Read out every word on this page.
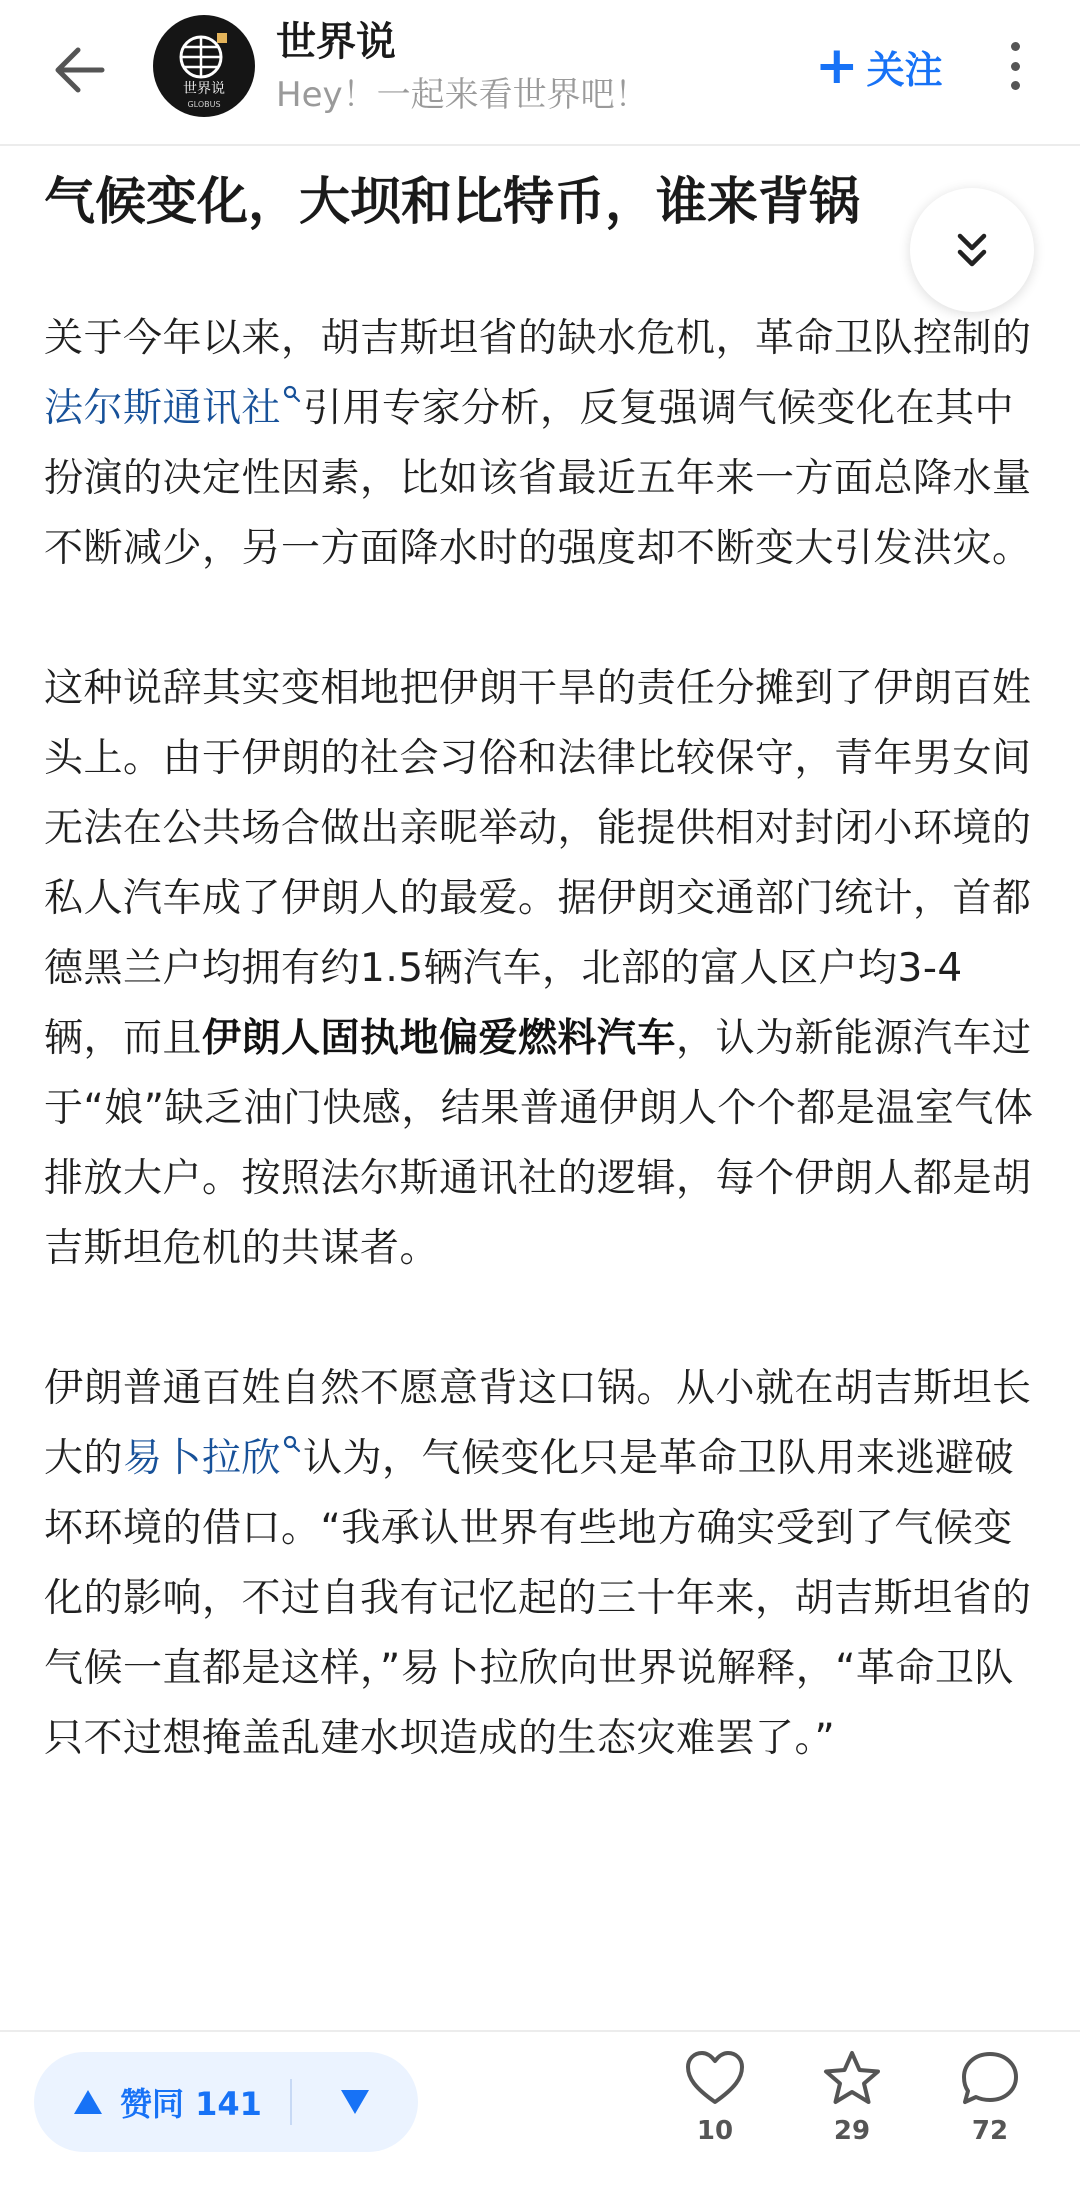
世界说
GLOBUS
世界说
Hey！一起来看世界吧！	+ 关注
气候变化，大坝和比特币，谁来背锅

关于今年以来，胡吉斯坦省的缺水危机，革命卫队控制的法尔斯通讯社 引用专家分析，反复强调气候变化在其中扮演的决定性因素，比如该省最近五年来一方面总降水量不断减少，另一方面降水时的强度却不断变大引发洪灾。

这种说辞其实变相地把伊朗干旱的责任分摊到了伊朗百姓头上。由于伊朗的社会习俗和法律比较保守，青年男女间无法在公共场合做出亲昵举动，能提供相对封闭小环境的私人汽车成了伊朗人的最爱。据伊朗交通部门统计，首都德黑兰户均拥有约1.5辆汽车，北部的富人区户均3-4辆，而且伊朗人固执地偏爱燃料汽车，认为新能源汽车过于“娘”缺乏油门快感，结果普通伊朗人个个都是温室气体排放大户。按照法尔斯通讯社的逻辑，每个伊朗人都是胡吉斯坦危机的共谋者。

伊朗普通百姓自然不愿意背这口锅。从小就在胡吉斯坦长大的易卜拉欣 认为，气候变化只是革命卫队用来逃避破坏环境的借口。“我承认世界有些地方确实受到了气候变化的影响，不过自我有记忆起的三十年来，胡吉斯坦省的气候一直都是这样，”易卜拉欣向世界说解释，“革命卫队只不过想掩盖乱建水坝造成的生态灾难罢了。”

赞同 141
10	29	72
